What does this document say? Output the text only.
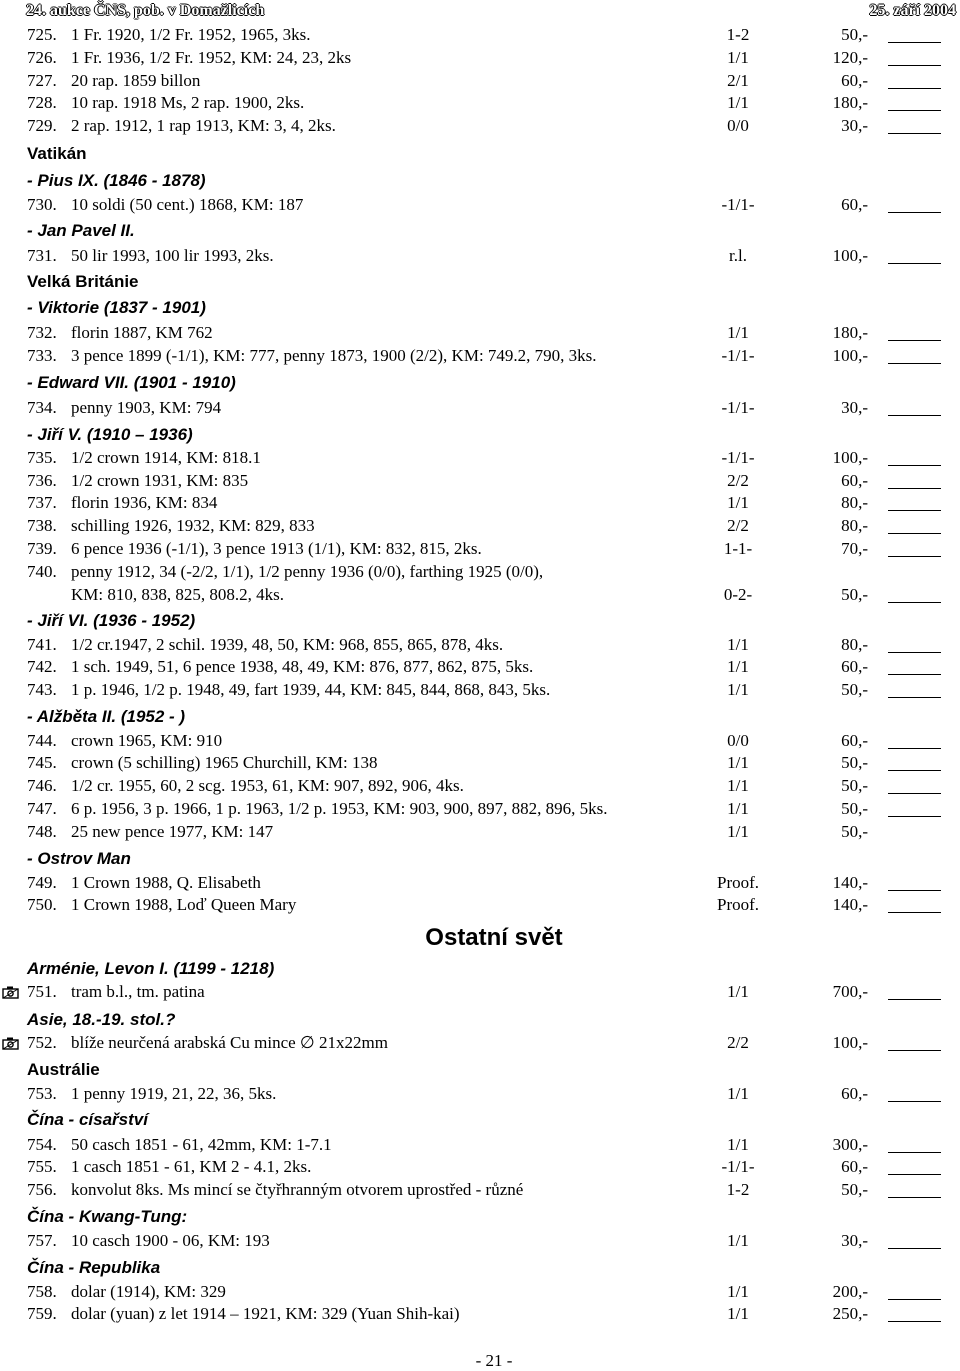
24. aukce ČNS, pob. v Domažlicích	25. září 2004
725. 1 Fr. 1920, 1/2 Fr. 1952, 1965, 3ks.	1-2	50,-
726. 1 Fr. 1936, 1/2 Fr. 1952, KM: 24, 23, 2ks	1/1	120,-
727. 20 rap. 1859 billon	2/1	60,-
728. 10 rap. 1918 Ms, 2 rap. 1900, 2ks.	1/1	180,-
729. 2 rap. 1912, 1 rap 1913, KM: 3, 4, 2ks.	0/0	30,-
Vatikán
- Pius IX. (1846 - 1878)
730. 10 soldi (50 cent.) 1868, KM: 187	-1/1-	60,-
- Jan Pavel II.
731. 50 lir 1993, 100 lir 1993, 2ks.	r.l.	100,-
Velká Británie
- Viktorie (1837 - 1901)
732. florin 1887, KM 762	1/1	180,-
733. 3 pence 1899 (-1/1), KM: 777, penny 1873, 1900 (2/2), KM: 749.2, 790, 3ks.	-1/1-	100,-
- Edward VII. (1901 - 1910)
734. penny 1903, KM: 794	-1/1-	30,-
- Jiří V. (1910 – 1936)
735. 1/2 crown 1914, KM: 818.1	-1/1-	100,-
736. 1/2 crown 1931, KM: 835	2/2	60,-
737. florin 1936, KM: 834	1/1	80,-
738. schilling 1926, 1932, KM: 829, 833	2/2	80,-
739. 6 pence 1936 (-1/1), 3 pence 1913 (1/1), KM: 832, 815, 2ks.	1-1-	70,-
740. penny 1912, 34 (-2/2, 1/1), 1/2 penny 1936 (0/0), farthing 1925 (0/0),
KM: 810, 838, 825, 808.2, 4ks.	0-2-	50,-
- Jiří VI. (1936 - 1952)
741. 1/2 cr.1947, 2 schil. 1939, 48, 50, KM: 968, 855, 865, 878, 4ks.	1/1	80,-
742. 1 sch. 1949, 51, 6 pence 1938, 48, 49, KM: 876, 877, 862, 875, 5ks.	1/1	60,-
743. 1 p. 1946, 1/2 p. 1948, 49, fart 1939, 44, KM: 845, 844, 868, 843, 5ks.	1/1	50,-
- Alžběta II. (1952 - )
744. crown 1965, KM: 910	0/0	60,-
745. crown (5 schilling) 1965 Churchill, KM: 138	1/1	50,-
746. 1/2 cr. 1955, 60, 2 scg. 1953, 61, KM: 907, 892, 906, 4ks.	1/1	50,-
747. 6 p. 1956, 3 p. 1966, 1 p. 1963, 1/2 p. 1953, KM: 903, 900, 897, 882, 896, 5ks.	1/1	50,-
748. 25 new pence 1977, KM: 147	1/1	50,-
- Ostrov Man
749. 1 Crown 1988, Q. Elisabeth	Proof.	140,-
750. 1 Crown 1988, Loď Queen Mary	Proof.	140,-
Ostatní svět
Arménie, Levon I. (1199 - 1218)
751. tram b.l., tm. patina	1/1	700,-
Asie, 18.-19. stol.?
752. blíže neurčená arabská Cu mince ∅ 21x22mm	2/2	100,-
Austrálie
753. 1 penny 1919, 21, 22, 36, 5ks.	1/1	60,-
Čína - císařství
754. 50 casch 1851 - 61, 42mm, KM: 1-7.1	1/1	300,-
755. 1 casch 1851 - 61, KM 2 - 4.1, 2ks.	-1/1-	60,-
756. konvolut 8ks. Ms mincí se čtyřhranným otvorem uprostřed - různé	1-2	50,-
Čína - Kwang-Tung:
757. 10 casch 1900 - 06, KM: 193	1/1	30,-
Čína - Republika
758. dolar (1914), KM: 329	1/1	200,-
759. dolar (yuan) z let 1914 – 1921, KM: 329 (Yuan Shih-kai)	1/1	250,-
- 21 -
